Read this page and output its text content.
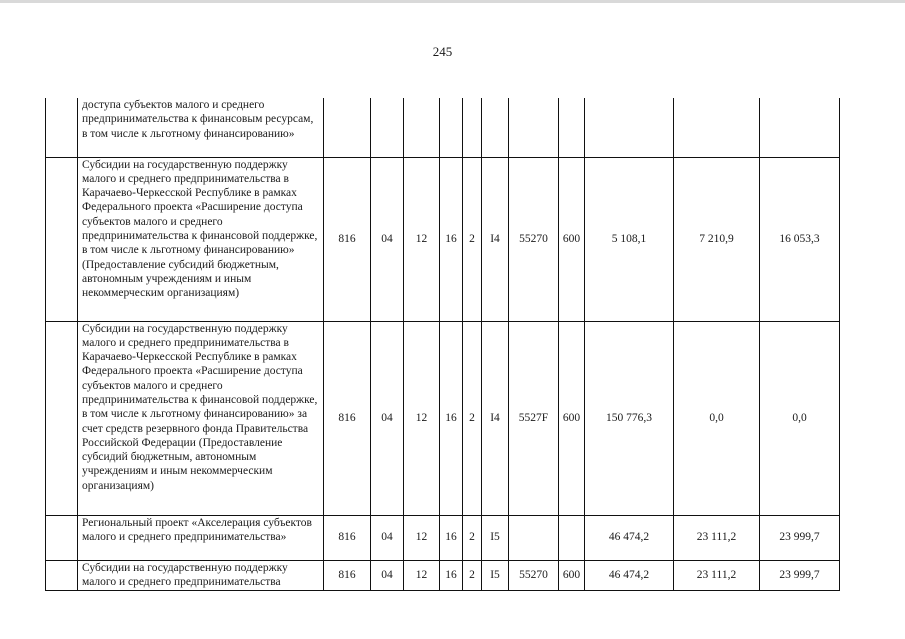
245
	доступа субъектов малого и среднего предпринимательства к финансовым ресурсам, в том числе к льготному финансированию»											
	Субсидии на государственную поддержку малого и среднего предпринимательства в Карачаево-Черкесской Республике в рамках Федерального проекта «Расширение доступа субъектов малого и среднего предпринимательства к финансовой поддержке, в том числе к льготному финансированию» (Предоставление субсидий бюджетным, автономным учреждениям и иным некоммерческим организациям)	816	04	12	16	2	I4	55270	600	5 108,1	7 210,9	16 053,3
	Субсидии на государственную поддержку малого и среднего предпринимательства в Карачаево-Черкесской Республике в рамках Федерального проекта «Расширение доступа субъектов малого и среднего предпринимательства к финансовой поддержке, в том числе к льготному финансированию» за счет средств резервного фонда Правительства Российской Федерации (Предоставление субсидий бюджетным, автономным учреждениям и иным некоммерческим организациям)	816	04	12	16	2	I4	5527F	600	150 776,3	0,0	0,0
	Региональный проект «Акселерация субъектов малого и среднего предпринимательства»	816	04	12	16	2	I5			46 474,2	23 111,2	23 999,7
	Субсидии на государственную поддержку малого и среднего предпринимательства	816	04	12	16	2	I5	55270	600	46 474,2	23 111,2	23 999,7
